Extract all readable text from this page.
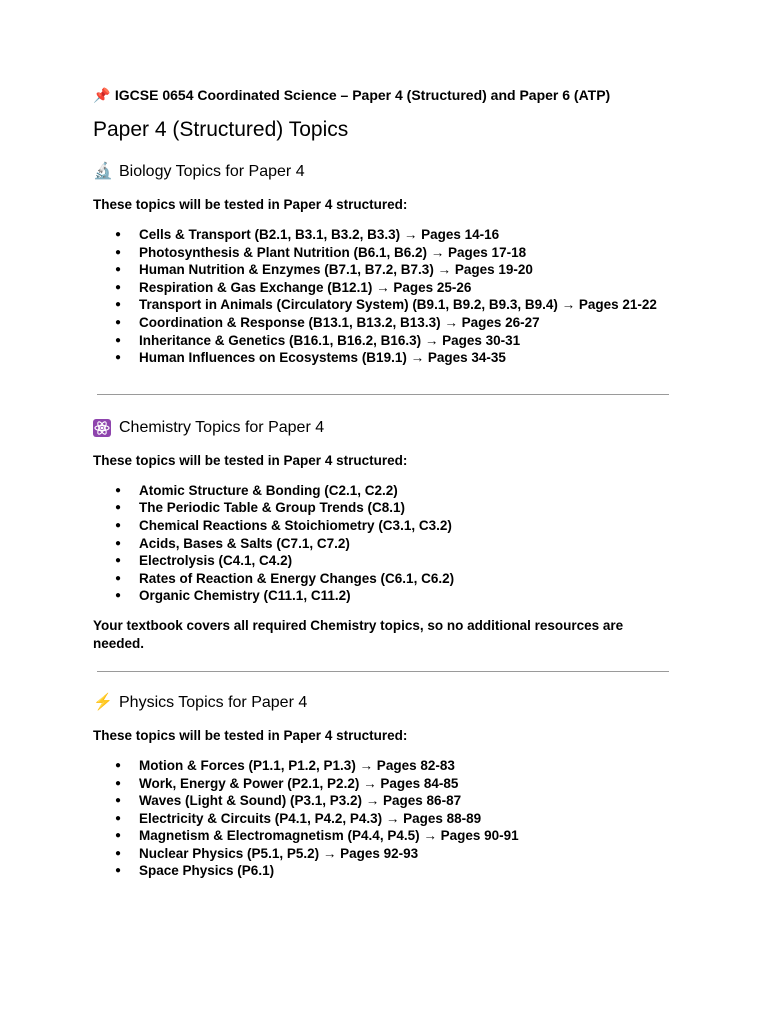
📌 IGCSE 0654 Coordinated Science – Paper 4 (Structured) and Paper 6 (ATP)
Paper 4 (Structured) Topics
🔬 Biology Topics for Paper 4
These topics will be tested in Paper 4 structured:
● Cells & Transport (B2.1, B3.1, B3.2, B3.3) → Pages 14-16
● Photosynthesis & Plant Nutrition (B6.1, B6.2) → Pages 17-18
● Human Nutrition & Enzymes (B7.1, B7.2, B7.3) → Pages 19-20
● Respiration & Gas Exchange (B12.1) → Pages 25-26
● Transport in Animals (Circulatory System) (B9.1, B9.2, B9.3, B9.4) → Pages 21-22
● Coordination & Response (B13.1, B13.2, B13.3) → Pages 26-27
● Inheritance & Genetics (B16.1, B16.2, B16.3) → Pages 30-31
● Human Influences on Ecosystems (B19.1) → Pages 34-35
Chemistry Topics for Paper 4
These topics will be tested in Paper 4 structured:
● Atomic Structure & Bonding (C2.1, C2.2)
● The Periodic Table & Group Trends (C8.1)
● Chemical Reactions & Stoichiometry (C3.1, C3.2)
● Acids, Bases & Salts (C7.1, C7.2)
● Electrolysis (C4.1, C4.2)
● Rates of Reaction & Energy Changes (C6.1, C6.2)
● Organic Chemistry (C11.1, C11.2)
Your textbook covers all required Chemistry topics, so no additional resources are needed.
⚡ Physics Topics for Paper 4
These topics will be tested in Paper 4 structured:
● Motion & Forces (P1.1, P1.2, P1.3) → Pages 82-83
● Work, Energy & Power (P2.1, P2.2) → Pages 84-85
● Waves (Light & Sound) (P3.1, P3.2) → Pages 86-87
● Electricity & Circuits (P4.1, P4.2, P4.3) → Pages 88-89
● Magnetism & Electromagnetism (P4.4, P4.5) → Pages 90-91
● Nuclear Physics (P5.1, P5.2) → Pages 92-93
● Space Physics (P6.1)
